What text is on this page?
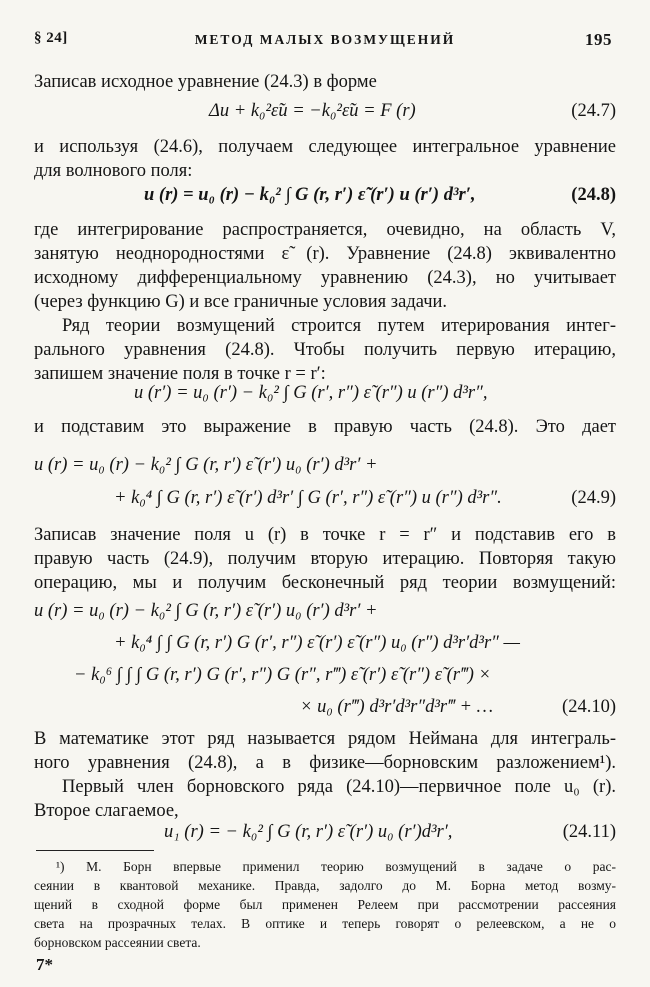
§ 24]	МЕТОД МАЛЫХ ВОЗМУЩЕНИЙ	195
Записав исходное уравнение (24.3) в форме
Δu + k₀²ε̃u = −k₀²ε̃u = F (r)	(24.7)
и используя (24.6), получаем следующее интегральное уравнение
для волнового поля:
u (r) = u₀ (r) − k₀² ∫ G (r, r′) ε̃ (r′) u (r′) d³r′,	(24.8)
где интегрирование распространяется, очевидно, на область V,
занятую неоднородностями ε̃ (r). Уравнение (24.8) эквивалентно
исходному дифференциальному уравнению (24.3), но учитывает
(через функцию G) и все граничные условия задачи.
Ряд теории возмущений строится путем итерирования интег-
рального уравнения (24.8). Чтобы получить первую итерацию,
запишем значение поля в точке r = r′:
u (r′) = u₀ (r′) − k₀² ∫ G (r′, r″) ε̃ (r″) u (r″) d³r″,
и подставим это выражение в правую часть (24.8). Это дает
u (r) = u₀ (r) − k₀² ∫ G (r, r′) ε̃ (r′) u₀ (r′) d³r′ +
+ k₀⁴ ∫ G (r, r′) ε̃ (r′) d³r′ ∫ G (r′, r″) ε̃ (r″) u (r″) d³r″.	(24.9)
Записав значение поля u (r) в точке r = r″ и подставив его в
правую часть (24.9), получим вторую итерацию. Повторяя такую
операцию, мы и получим бесконечный ряд теории возмущений:
u (r) = u₀ (r) − k₀² ∫ G (r, r′) ε̃ (r′) u₀ (r′) d³r′ +
+ k₀⁴ ∫ ∫ G (r, r′) G (r′, r″) ε̃ (r′) ε̃ (r″) u₀ (r″) d³r′d³r″ —
− k₀⁶ ∫ ∫ ∫ G (r, r′) G (r′, r″) G (r″, r‴) ε̃ (r′) ε̃ (r″) ε̃ (r‴) ×
× u₀ (r‴) d³r′d³r″d³r‴ + …	(24.10)
В математике этот ряд называется рядом Неймана для интеграль-
ного уравнения (24.8), а в физике—борновским разложением¹).
Первый член борновского ряда (24.10)—первичное поле u₀ (r).
Второе слагаемое,
u₁ (r) = − k₀² ∫ G (r, r′) ε̃ (r′) u₀ (r′)d³r′,	(24.11)
¹) М. Борн впервые применил теорию возмущений в задаче о рас-
сеянии в квантовой механике. Правда, задолго до М. Борна метод возму-
щений в сходной форме был применен Релеем при рассмотрении рассеяния
света на прозрачных телах. В оптике и теперь говорят о релеевском, а не о
борновском рассеянии света.
7*
